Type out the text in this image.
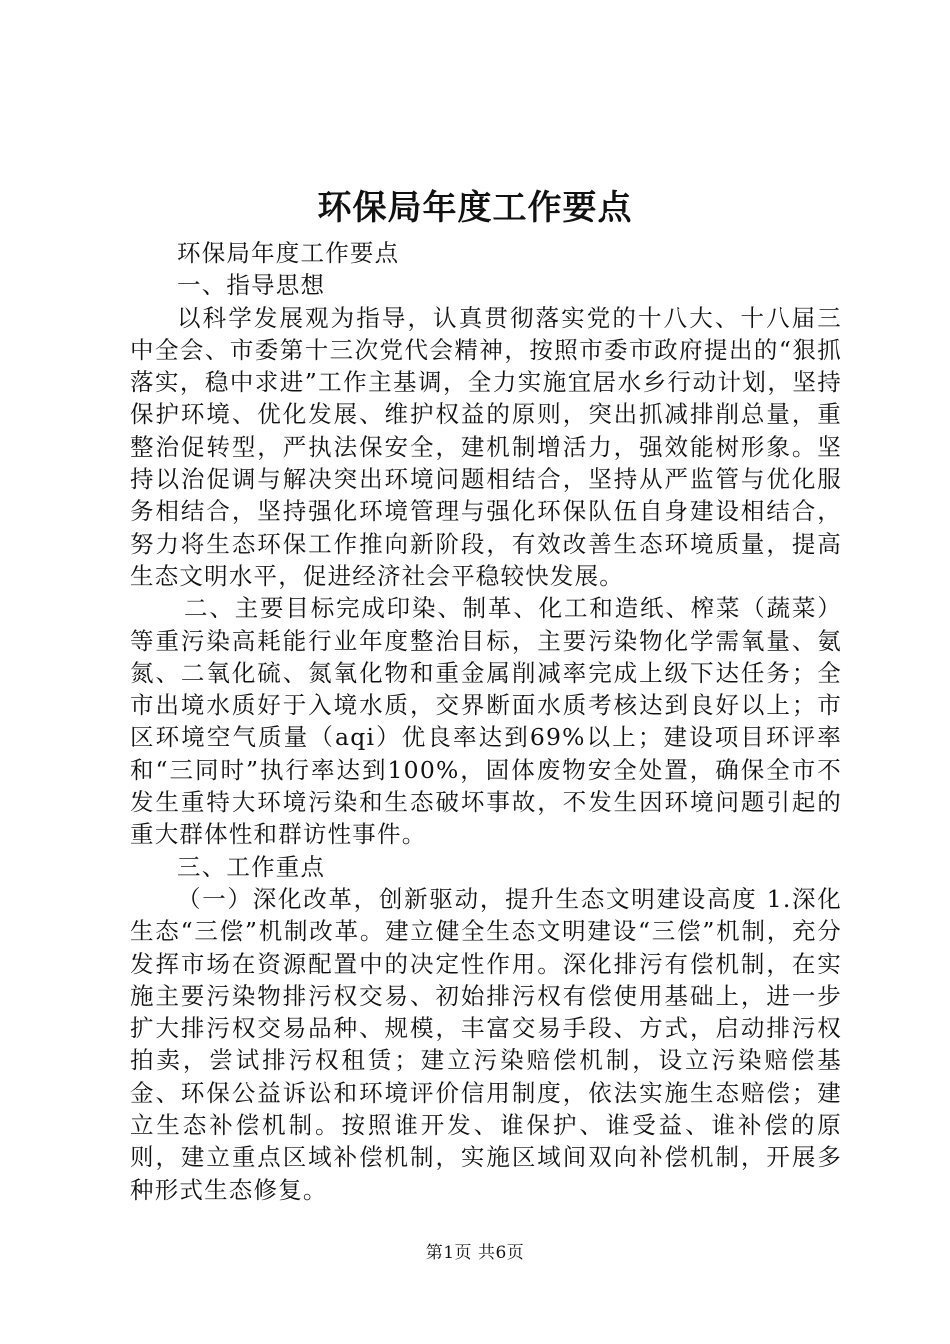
环保局年度工作要点

环保局年度工作要点

一、指导思想

以科学发展观为指导，认真贯彻落实党的十八大、十八届三中全会、市委第十三次党代会精神，按照市委市政府提出的“狠抓落实，稳中求进”工作主基调，全力实施宜居水乡行动计划，坚持保护环境、优化发展、维护权益的原则，突出抓减排削总量，重整治促转型，严执法保安全，建机制增活力，强效能树形象。坚持以治促调与解决突出环境问题相结合，坚持从严监管与优化服务相结合，坚持强化环境管理与强化环保队伍自身建设相结合，努力将生态环保工作推向新阶段，有效改善生态环境质量，提高生态文明水平，促进经济社会平稳较快发展。

二、主要目标完成印染、制革、化工和造纸、榨菜（蔬菜）等重污染高耗能行业年度整治目标，主要污染物化学需氧量、氨氮、二氧化硫、氮氧化物和重金属削减率完成上级下达任务；全市出境水质好于入境水质，交界断面水质考核达到良好以上；市区环境空气质量（aqi）优良率达到69%以上；建设项目环评率和“三同时”执行率达到100%，固体废物安全处置，确保全市不发生重特大环境污染和生态破坏事故，不发生因环境问题引起的重大群体性和群访性事件。

三、工作重点

（一）深化改革，创新驱动，提升生态文明建设高度 1.深化生态“三偿”机制改革。建立健全生态文明建设“三偿”机制，充分发挥市场在资源配置中的决定性作用。深化排污有偿机制，在实施主要污染物排污权交易、初始排污权有偿使用基础上，进一步扩大排污权交易品种、规模，丰富交易手段、方式，启动排污权拍卖，尝试排污权租赁；建立污染赔偿机制，设立污染赔偿基金、环保公益诉讼和环境评价信用制度，依法实施生态赔偿；建立生态补偿机制。按照谁开发、谁保护、谁受益、谁补偿的原则，建立重点区域补偿机制，实施区域间双向补偿机制，开展多种形式生态修复。

第1页 共6页
